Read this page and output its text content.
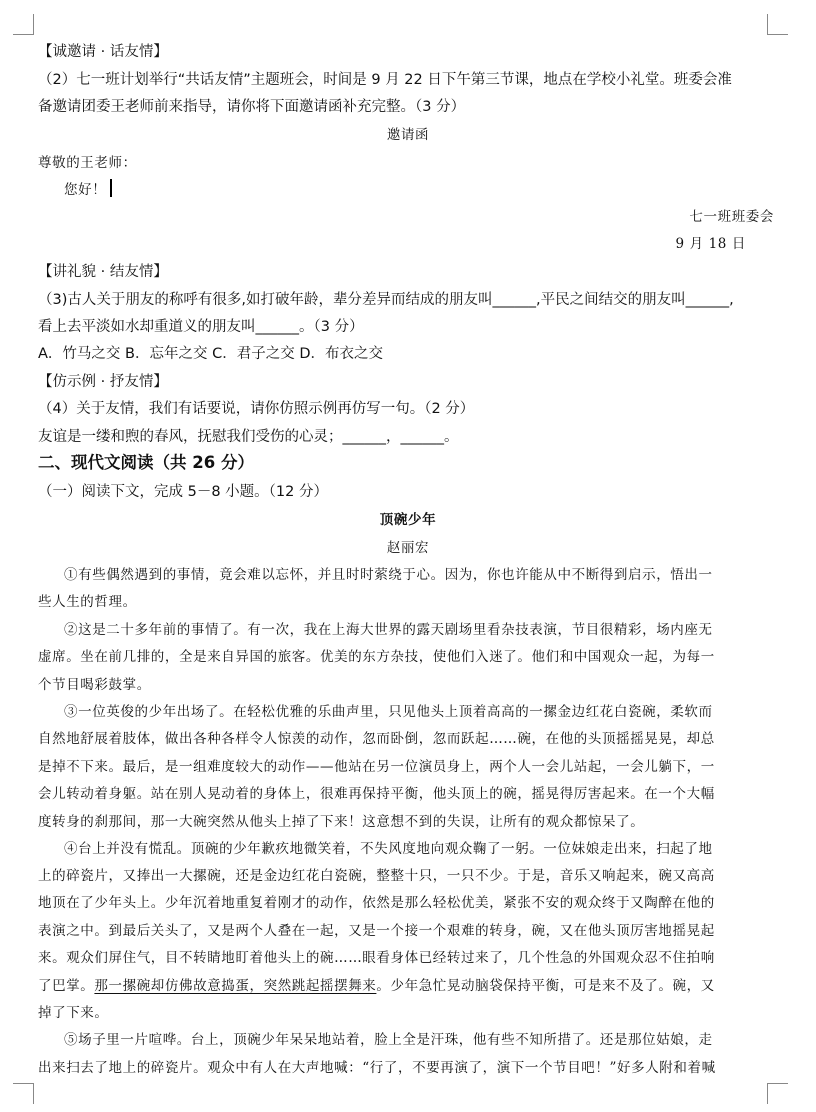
【诚邀请 · 话友情】
（2）七一班计划举行“共话友情”主题班会，时间是 9 月 22 日下午第三节课，地点在学校小礼堂。班委会准
备邀请团委王老师前来指导，请你将下面邀请函补充完整。（3 分）
邀请函
尊敬的王老师：
您好！
七一班班委会
9 月 18 日
【讲礼貌 · 结友情】
（3)古人关于朋友的称呼有很多,如打破年龄，辈分差异而结成的朋友叫______,平民之间结交的朋友叫______,
看上去平淡如水却重道义的朋友叫______。（3 分）
A．竹马之交 B．忘年之交 C．君子之交 D．布衣之交
【仿示例 · 抒友情】
（4）关于友情，我们有话要说，请你仿照示例再仿写一句。（2 分）
友谊是一缕和煦的春风，抚慰我们受伤的心灵；______，______。
二、现代文阅读（共 26 分）
（一）阅读下文，完成 5－8 小题。（12 分）
顶碗少年
赵丽宏
①有些偶然遇到的事情，竟会难以忘怀，并且时时萦绕于心。因为，你也许能从中不断得到启示，悟出一
些人生的哲理。
②这是二十多年前的事情了。有一次，我在上海大世界的露天剧场里看杂技表演，节目很精彩，场内座无
虚席。坐在前几排的，全是来自异国的旅客。优美的东方杂技，使他们入迷了。他们和中国观众一起，为每一
个节目喝彩鼓掌。
③一位英俊的少年出场了。在轻松优雅的乐曲声里，只见他头上顶着高高的一摞金边红花白瓷碗，柔软而
自然地舒展着肢体，做出各种各样令人惊羡的动作，忽而卧倒，忽而跃起……碗，在他的头顶摇摇晃晃，却总
是掉不下来。最后，是一组难度较大的动作——他站在另一位演员身上，两个人一会儿站起，一会儿躺下，一
会儿转动着身躯。站在别人晃动着的身体上，很难再保持平衡，他头顶上的碗，摇晃得厉害起来。在一个大幅
度转身的刹那间，那一大碗突然从他头上掉了下来！这意想不到的失误，让所有的观众都惊呆了。
④台上并没有慌乱。顶碗的少年歉疚地微笑着，不失风度地向观众鞠了一躬。一位妹娘走出来，扫起了地
上的碎瓷片，又捧出一大摞碗，还是金边红花白瓷碗，整整十只，一只不少。于是，音乐又响起来，碗又高高
地顶在了少年头上。少年沉着地重复着刚才的动作，依然是那么轻松优美，紧张不安的观众终于又陶醉在他的
表演之中。到最后关头了，又是两个人叠在一起，又是一个接一个艰难的转身，碗，又在他头顶厉害地摇晃起
来。观众们屏住气，目不转睛地盯着他头上的碗……眼看身体已经转过来了，几个性急的外国观众忍不住拍响
了巴掌。那一摞碗却仿佛故意捣蛋，突然跳起摇摆舞来。少年急忙晃动脑袋保持平衡，可是来不及了。碗，又
掉了下来。
⑤场子里一片喧哗。台上，顶碗少年呆呆地站着，脸上全是汗珠，他有些不知所措了。还是那位姑娘，走
出来扫去了地上的碎瓷片。观众中有人在大声地喊：“行了，不要再演了，演下一个节目吧！”好多人附和着喊
